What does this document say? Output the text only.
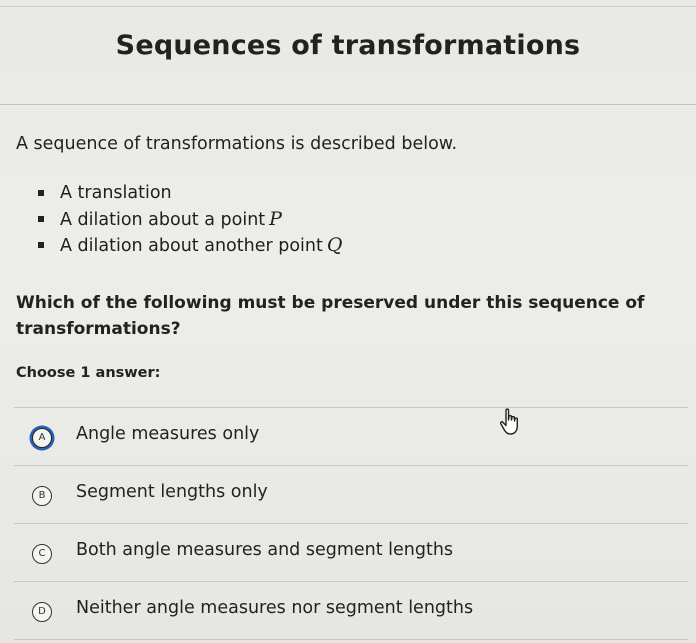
Sequences of transformations
A sequence of transformations is described below.
A translation
A dilation about a point P
A dilation about another point Q
Which of the following must be preserved under this sequence of transformations?
Choose 1 answer:
A	Angle measures only
B	Segment lengths only
C	Both angle measures and segment lengths
D	Neither angle measures nor segment lengths
